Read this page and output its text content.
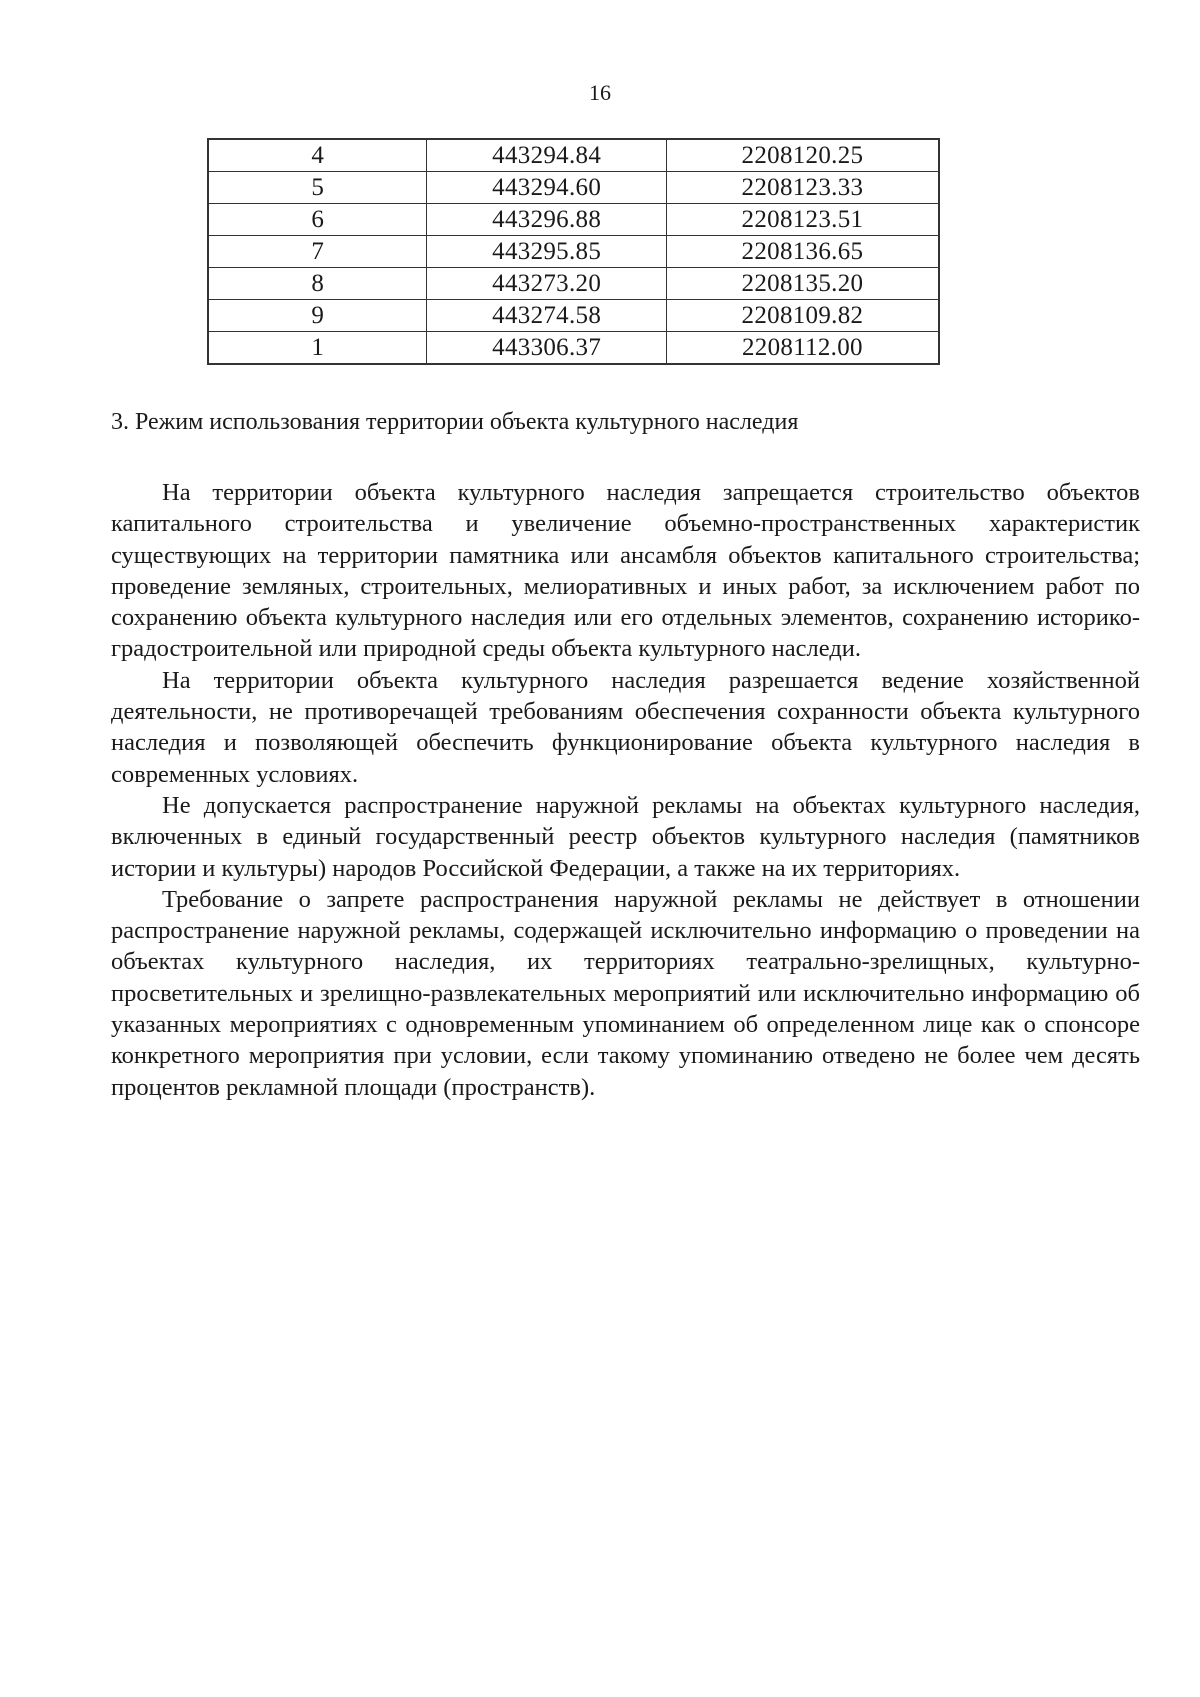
16
4	443294.84	2208120.25
5	443294.60	2208123.33
6	443296.88	2208123.51
7	443295.85	2208136.65
8	443273.20	2208135.20
9	443274.58	2208109.82
1	443306.37	2208112.00
3. Режим использования территории объекта культурного наследия

На территории объекта культурного наследия запрещается строительство объектов капитального строительства и увеличение объемно-пространственных характеристик существующих на территории памятника или ансамбля объектов капитального строительства; проведение земляных, строительных, мелиоративных и иных работ, за исключением работ по сохранению объекта культурного наследия или его отдельных элементов, сохранению историко-градостроительной или природной среды объекта культурного наследи.

На территории объекта культурного наследия разрешается ведение хозяйственной деятельности, не противоречащей требованиям обеспечения сохранности объекта культурного наследия и позволяющей обеспечить функционирование объекта культурного наследия в современных условиях.

Не допускается распространение наружной рекламы на объектах культурного наследия, включенных в единый государственный реестр объектов культурного наследия (памятников истории и культуры) народов Российской Федерации, а также на их территориях.

Требование о запрете распространения наружной рекламы не действует в отношении распространение наружной рекламы, содержащей исключительно информацию о проведении на объектах культурного наследия, их территориях театрально-зрелищных, культурно-просветительных и зрелищно-развлекательных мероприятий или исключительно информацию об указанных мероприятиях с одновременным упоминанием об определенном лице как о спонсоре конкретного мероприятия при условии, если такому упоминанию отведено не более чем десять процентов рекламной площади (пространств).
